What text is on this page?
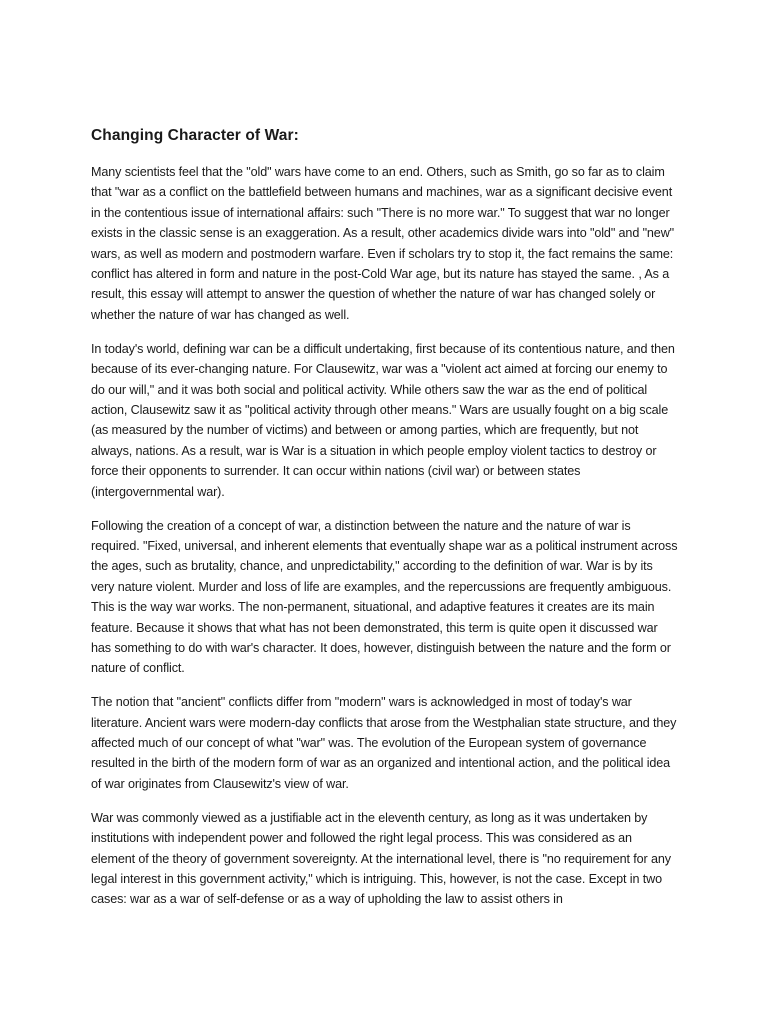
Changing Character of War:

Many scientists feel that the "old" wars have come to an end. Others, such as Smith, go so far as to claim that "war as a conflict on the battlefield between humans and machines, war as a significant decisive event in the contentious issue of international affairs: such "There is no more war." To suggest that war no longer exists in the classic sense is an exaggeration. As a result, other academics divide wars into "old" and "new" wars, as well as modern and postmodern warfare. Even if scholars try to stop it, the fact remains the same: conflict has altered in form and nature in the post-Cold War age, but its nature has stayed the same. , As a result, this essay will attempt to answer the question of whether the nature of war has changed solely or whether the nature of war has changed as well.

In today's world, defining war can be a difficult undertaking, first because of its contentious nature, and then because of its ever-changing nature. For Clausewitz, war was a "violent act aimed at forcing our enemy to do our will," and it was both social and political activity. While others saw the war as the end of political action, Clausewitz saw it as "political activity through other means." Wars are usually fought on a big scale (as measured by the number of victims) and between or among parties, which are frequently, but not always, nations. As a result, war is War is a situation in which people employ violent tactics to destroy or force their opponents to surrender. It can occur within nations (civil war) or between states (intergovernmental war).

Following the creation of a concept of war, a distinction between the nature and the nature of war is required. "Fixed, universal, and inherent elements that eventually shape war as a political instrument across the ages, such as brutality, chance, and unpredictability," according to the definition of war. War is by its very nature violent. Murder and loss of life are examples, and the repercussions are frequently ambiguous. This is the way war works. The non-permanent, situational, and adaptive features it creates are its main feature. Because it shows that what has not been demonstrated, this term is quite open it discussed war has something to do with war's character. It does, however, distinguish between the nature and the form or nature of conflict.

The notion that "ancient" conflicts differ from "modern" wars is acknowledged in most of today's war literature. Ancient wars were modern-day conflicts that arose from the Westphalian state structure, and they affected much of our concept of what "war" was. The evolution of the European system of governance resulted in the birth of the modern form of war as an organized and intentional action, and the political idea of war originates from Clausewitz's view of war.

War was commonly viewed as a justifiable act in the eleventh century, as long as it was undertaken by institutions with independent power and followed the right legal process. This was considered as an element of the theory of government sovereignty. At the international level, there is "no requirement for any legal interest in this government activity," which is intriguing. This, however, is not the case. Except in two cases: war as a war of self-defense or as a way of upholding the law to assist others in
